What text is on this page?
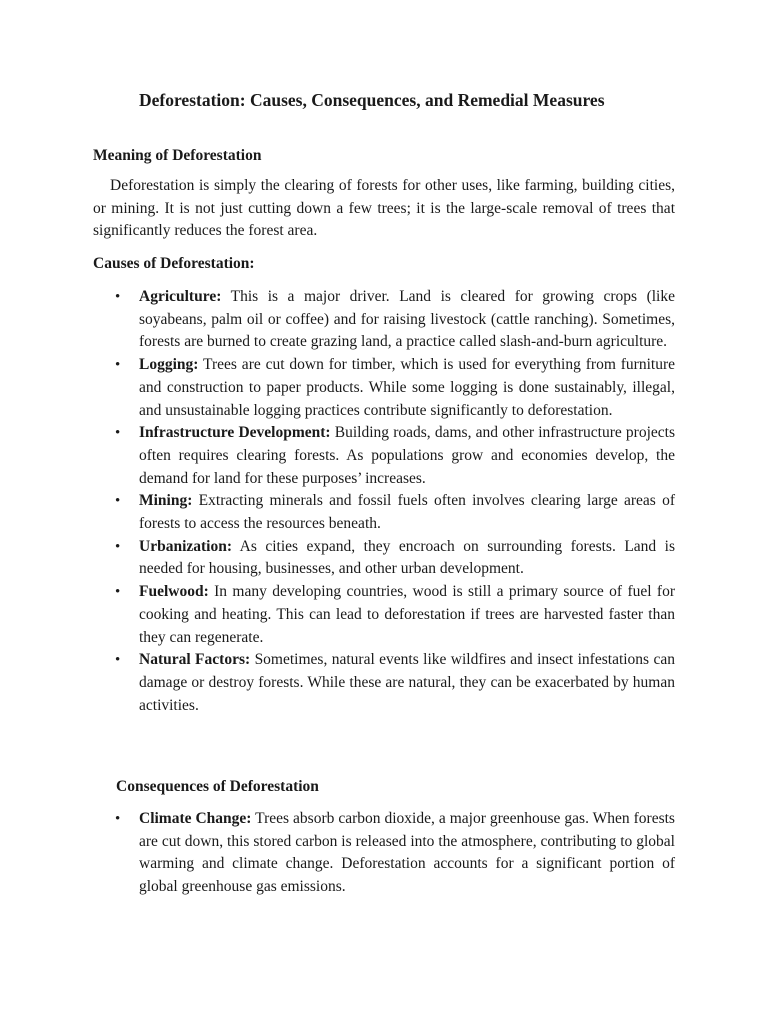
Deforestation: Causes, Consequences, and Remedial Measures
Meaning of Deforestation

Deforestation is simply the clearing of forests for other uses, like farming, building cities, or mining. It is not just cutting down a few trees; it is the large-scale removal of trees that significantly reduces the forest area.

Causes of Deforestation:
• Agriculture: This is a major driver. Land is cleared for growing crops (like soyabeans, palm oil or coffee) and for raising livestock (cattle ranching). Sometimes, forests are burned to create grazing land, a practice called slash-and-burn agriculture.
• Logging: Trees are cut down for timber, which is used for everything from furniture and construction to paper products. While some logging is done sustainably, illegal, and unsustainable logging practices contribute significantly to deforestation.
• Infrastructure Development: Building roads, dams, and other infrastructure projects often requires clearing forests. As populations grow and economies develop, the demand for land for these purposes’ increases.
• Mining: Extracting minerals and fossil fuels often involves clearing large areas of forests to access the resources beneath.
• Urbanization: As cities expand, they encroach on surrounding forests. Land is needed for housing, businesses, and other urban development.
• Fuelwood: In many developing countries, wood is still a primary source of fuel for cooking and heating. This can lead to deforestation if trees are harvested faster than they can regenerate.
• Natural Factors: Sometimes, natural events like wildfires and insect infestations can damage or destroy forests. While these are natural, they can be exacerbated by human activities.
Consequences of Deforestation
• Climate Change: Trees absorb carbon dioxide, a major greenhouse gas. When forests are cut down, this stored carbon is released into the atmosphere, contributing to global warming and climate change. Deforestation accounts for a significant portion of global greenhouse gas emissions.
